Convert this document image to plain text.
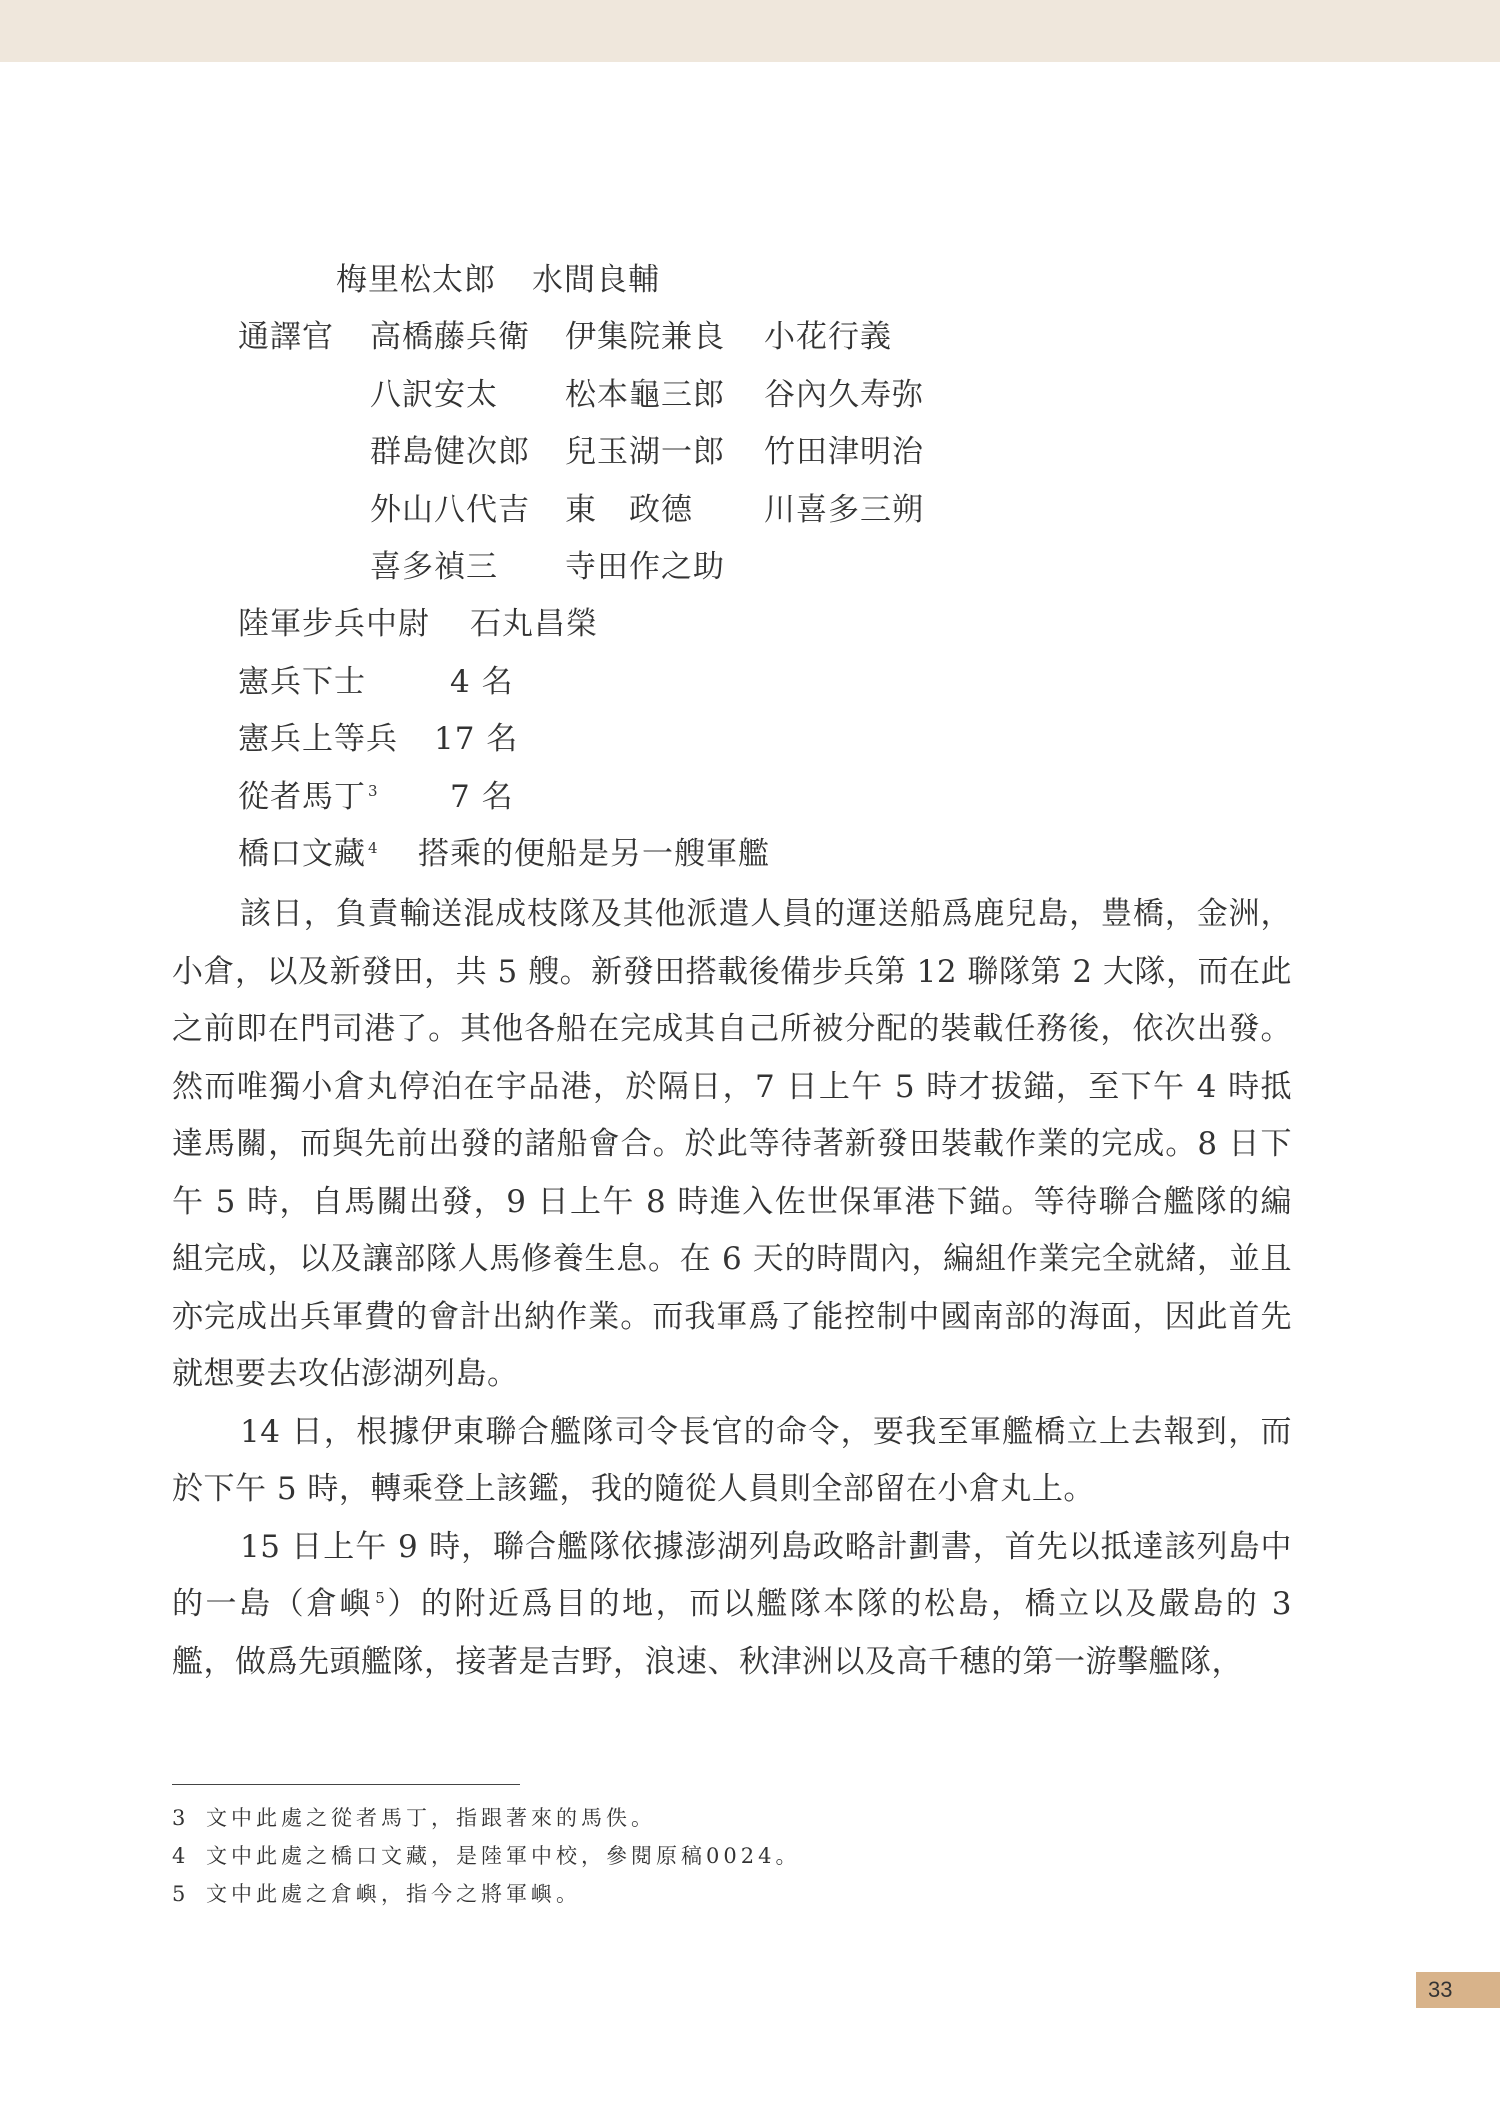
梅里松太郎 水間良輔
通譯官 高橋藤兵衛 伊集院兼良 小花行義
八訳安太 松本龜三郎 谷內久寿弥
群島健次郎 兒玉湖一郎 竹田津明治
外山八代吉 東　政德 川喜多三朔
喜多禎三 寺田作之助
陸軍步兵中尉 石丸昌榮
憲兵下士	4 名
憲兵上等兵 17 名
從者馬丁 $^3$ 7 名
橋口文藏 $^4$ 搭乘的便船是另一艘軍艦

該日，負責輸送混成枝隊及其他派遣人員的運送船爲鹿兒島，豊橋，金洲，小倉，以及新發田，共 5 艘。新發田搭載後備步兵第 12 聯隊第 2 大隊，而在此之前即在門司港了。其他各船在完成其自己所被分配的裝載任務後，依次出發。然而唯獨小倉丸停泊在宇品港，於隔日，7 日上午 5 時才拔錨，至下午 4 時抵達馬關，而與先前出發的諸船會合。於此等待著新發田裝載作業的完成。8 日下午 5 時，自馬關出發，9 日上午 8 時進入佐世保軍港下錨。等待聯合艦隊的編組完成，以及讓部隊人馬修養生息。在 6 天的時間內，編組作業完全就緒，並且亦完成出兵軍費的會計出納作業。而我軍爲了能控制中國南部的海面，因此首先就想要去攻佔澎湖列島。

14 日，根據伊東聯合艦隊司令長官的命令，要我至軍艦橋立上去報到，而於下午 5 時，轉乘登上該鑑，我的隨從人員則全部留在小倉丸上。

15 日上午 9 時，聯合艦隊依據澎湖列島政略計劃書，首先以抵達該列島中的一島（倉嶼 $^5$）的附近爲目的地，而以艦隊本隊的松島，橋立以及嚴島的 3 艦，做爲先頭艦隊，接著是吉野，浪速、秋津洲以及高千穗的第一游擊艦隊，

3 文中此處之從者馬丁，指跟著來的馬佚。
4 文中此處之橋口文藏，是陸軍中校，參閱原稿0024。
5 文中此處之倉嶼，指今之將軍嶼。
33
